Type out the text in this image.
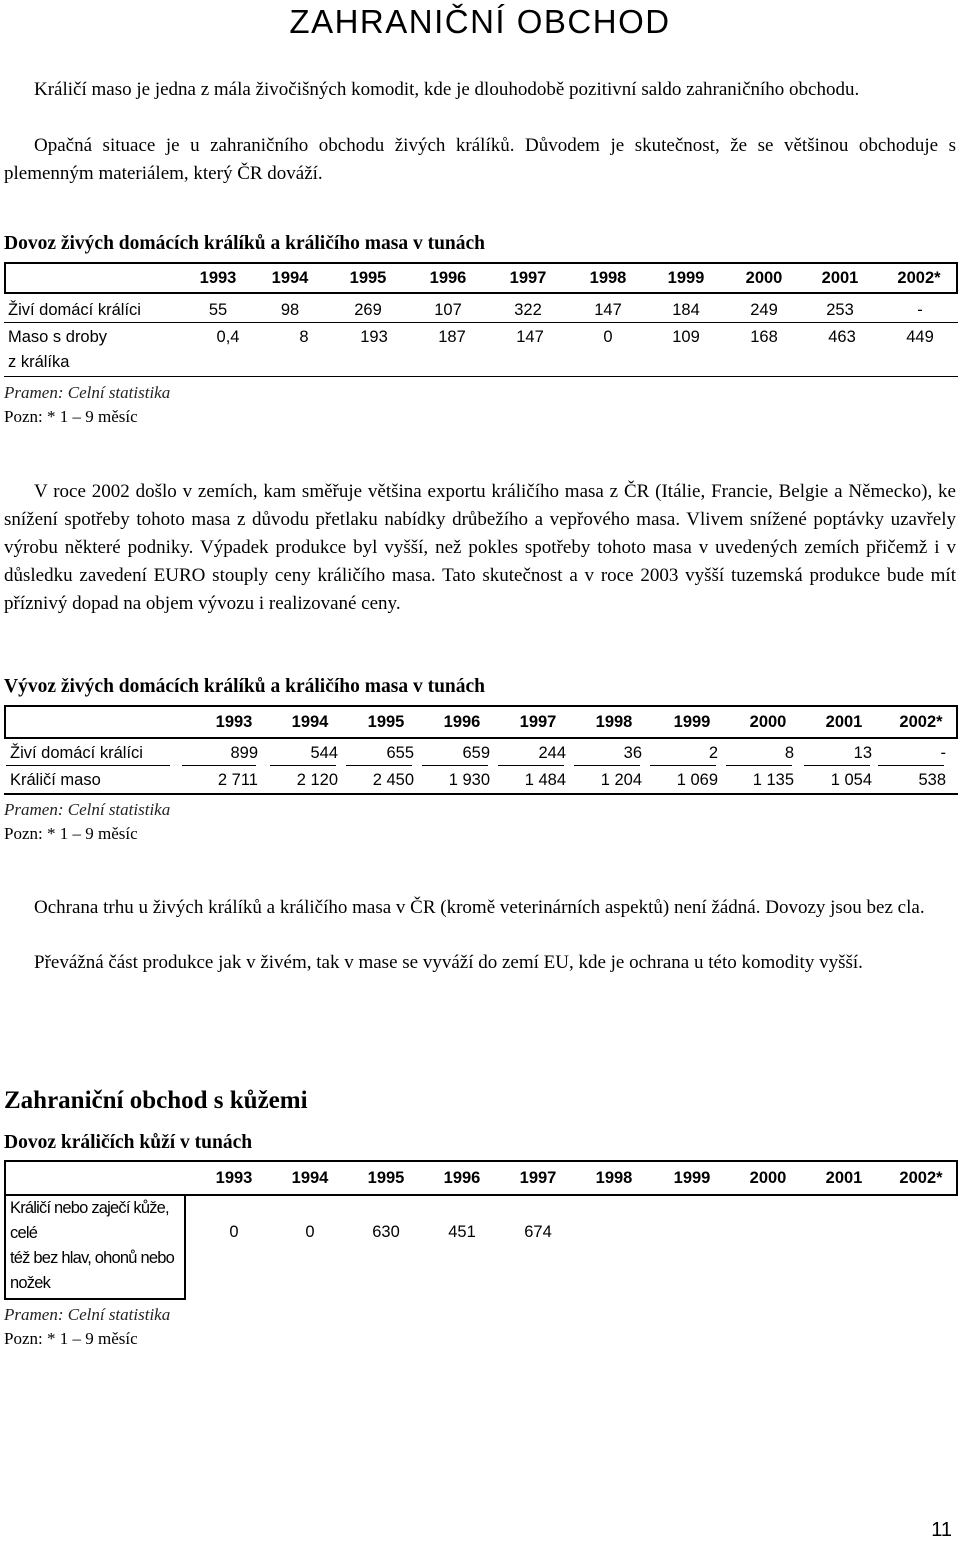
ZAHRANIČNÍ OBCHOD

Králičí maso je jedna z mála živočišných komodit, kde je dlouhodobě pozitivní saldo zahraničního obchodu.

Opačná situace je u zahraničního obchodu živých králíků. Důvodem je skutečnost, že se většinou obchoduje s plemenným materiálem, který ČR dováží.

Dovoz živých domácích králíků a králičího masa v tunách
1993	1994	1995	1996	1997	1998	1999	2000	2001	2002*
Živí domácí králíci	55	98	269	107	322	147	184	249	253	-
Maso s droby	0,4	8	193	187	147	0	109	168	463	449
z králíka
Pramen: Celní statistika
Pozn: * 1 – 9 měsíc

V roce 2002 došlo v zemích, kam směřuje většina exportu králičího masa z ČR (Itálie, Francie, Belgie a Německo), ke snížení spotřeby tohoto masa z důvodu přetlaku nabídky drůbežího a vepřového masa. Vlivem snížené poptávky uzavřely výrobu některé podniky. Výpadek produkce byl vyšší, než pokles spotřeby tohoto masa v uvedených zemích přičemž i v důsledku zavedení EURO stouply ceny králičího masa. Tato skutečnost a v roce 2003 vyšší tuzemská produkce bude mít příznivý dopad na objem vývozu i realizované ceny.

Vývoz živých domácích králíků a králičího masa v tunách
1993	1994	1995	1996	1997	1998	1999	2000	2001	2002*
Živí domácí králíci	899	544	655	659	244	36	2	8	13	-
Králičí maso	2 711	2 120	2 450	1 930	1 484	1 204	1 069	1 135	1 054	538
Pramen: Celní statistika
Pozn: * 1 – 9 měsíc

Ochrana trhu u živých králíků a králičího masa v ČR (kromě veterinárních aspektů) není žádná. Dovozy jsou bez cla.

Převážná část produkce jak v živém, tak v mase se vyváží do zemí EU, kde je ochrana u této komodity vyšší.

Zahraniční obchod s kůžemi
Dovoz králičích kůží v tunách
1993	1994	1995	1996	1997	1998	1999	2000	2001	2002*
Králičí nebo zaječí kůže,
celé
též bez hlav, ohonů nebo
nožek
0	0	630	451	674
Pramen: Celní statistika
Pozn: * 1 – 9 měsíc
11
